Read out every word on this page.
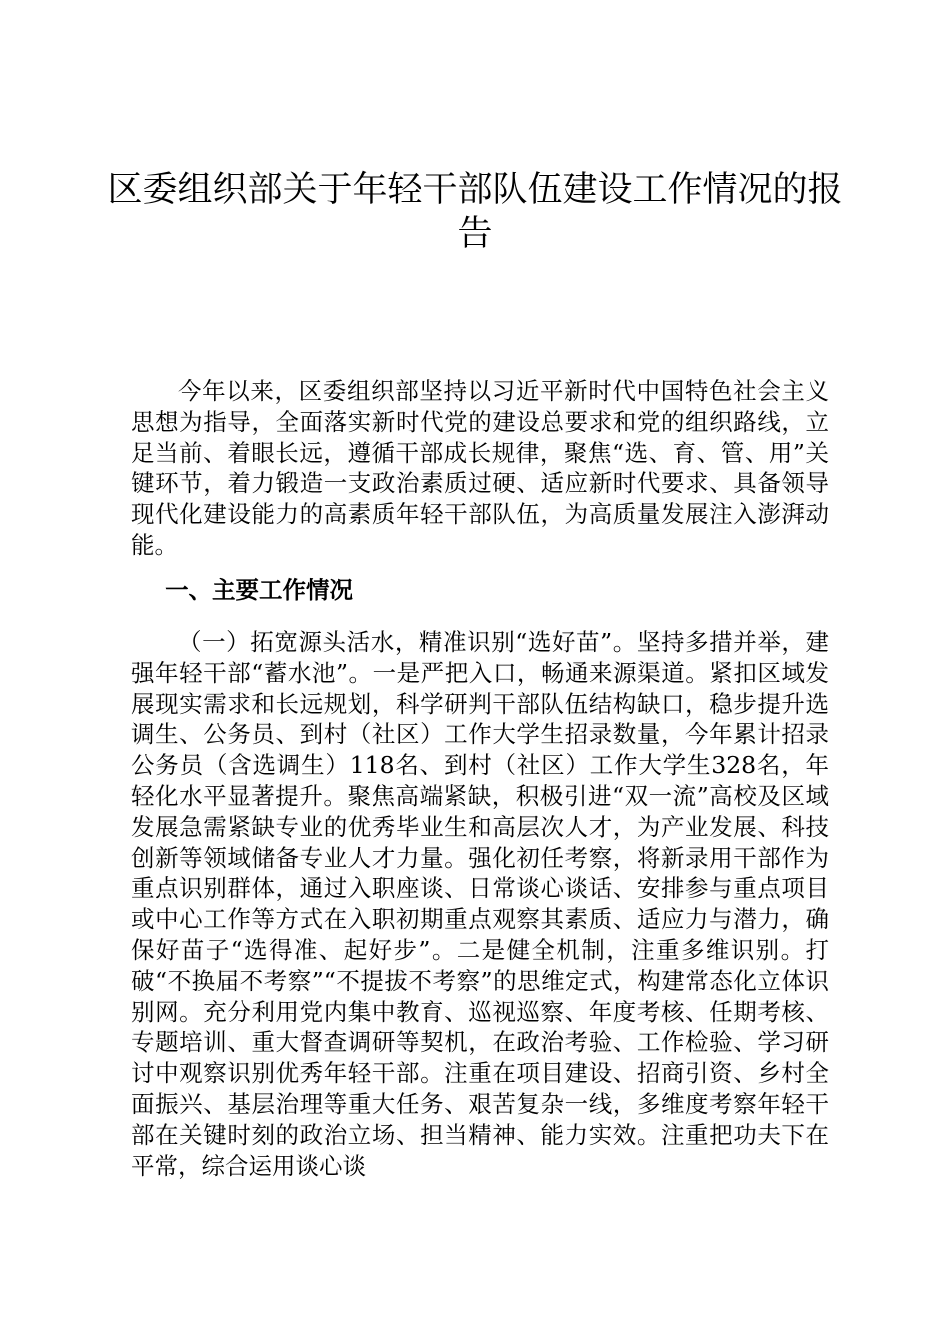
区委组织部关于年轻干部队伍建设工作情况的报告

今年以来，区委组织部坚持以习近平新时代中国特色社会主义思想为指导，全面落实新时代党的建设总要求和党的组织路线，立足当前、着眼长远，遵循干部成长规律，聚焦“选、育、管、用”关键环节，着力锻造一支政治素质过硬、适应新时代要求、具备领导现代化建设能力的高素质年轻干部队伍，为高质量发展注入澎湃动能。

一、主要工作情况

（一）拓宽源头活水，精准识别“选好苗”。坚持多措并举，建强年轻干部“蓄水池”。一是严把入口，畅通来源渠道。紧扣区域发展现实需求和长远规划，科学研判干部队伍结构缺口，稳步提升选调生、公务员、到村（社区）工作大学生招录数量，今年累计招录公务员（含选调生）118名、到村（社区）工作大学生328名，年轻化水平显著提升。聚焦高端紧缺，积极引进“双一流”高校及区域发展急需紧缺专业的优秀毕业生和高层次人才，为产业发展、科技创新等领域储备专业人才力量。强化初任考察，将新录用干部作为重点识别群体，通过入职座谈、日常谈心谈话、安排参与重点项目或中心工作等方式在入职初期重点观察其素质、适应力与潜力，确保好苗子“选得准、起好步”。二是健全机制，注重多维识别。打破“不换届不考察”“不提拔不考察”的思维定式，构建常态化立体识别网。充分利用党内集中教育、巡视巡察、年度考核、任期考核、专题培训、重大督查调研等契机，在政治考验、工作检验、学习研讨中观察识别优秀年轻干部。注重在项目建设、招商引资、乡村全面振兴、基层治理等重大任务、艰苦复杂一线，多维度考察年轻干部在关键时刻的政治立场、担当精神、能力实效。注重把功夫下在平常，综合运用谈心谈
